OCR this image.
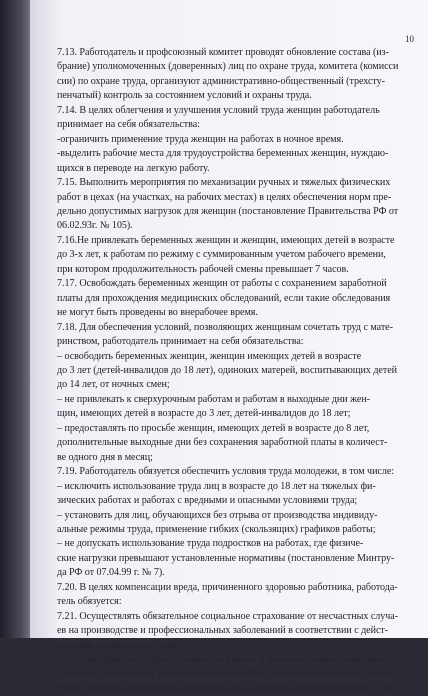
10
7.13. Работодатель и профсоюзный комитет проводят обновление состава (из-
брание) уполномоченных (доверенных) лиц по охране труда, комитета (комисси
сии) по охране труда, организуют административно-общественный (трехсту-
пенчатый) контроль за состоянием условий и охраны труда.
7.14. В целях облегчения и улучшения условий труда женщин работодатель
принимает на себя обязательства:
-ограничить применение труда женщин на работах в ночное время.
-выделить рабочие места для трудоустройства беременных женщин, нуждаю-
щихся в переводе на легкую работу.
7.15. Выполнить мероприятия по механизации ручных и тяжелых физических
работ в цехах (на участках, на рабочих местах) в целях обеспечения норм пре-
дельно допустимых нагрузок для женщин (постановление Правительства РФ от
06.02.93г. № 105).
7.16.Не привлекать беременных женщин и женщин, имеющих детей в возрасте
до 3-х лет, к работам по режиму с суммированным учетом рабочего времени,
при котором продолжительность рабочей смены превышает 7 часов.
7.17. Освобождать беременных женщин от работы с сохранением заработной
платы для прохождения медицинских обследований, если такие обследования
не могут быть проведены во внерабочее время.
7.18. Для обеспечения условий, позволяющих женщинам сочетать труд с мате-
ринством, работодатель принимает на себя обязательства:
– освободить беременных женщин, женщин имеющих детей в возрасте
до 3 лет (детей-инвалидов до 18 лет), одиноких матерей, воспитывающих детей
до 14 лет, от ночных смен;
– не привлекать к сверхурочным работам и работам в выходные дни жен-
щин, имеющих детей в возрасте до 3 лет, детей-инвалидов до 18 лет;
– предоставлять по просьбе женщин, имеющих детей в возрасте до 8 лет,
дополнительные выходные дни без сохранения заработной платы в количест-
ве одного дня в месяц;
7.19. Работодатель обязуется обеспечить условия труда молодежи, в том числе:
– исключить использование труда лиц в возрасте до 18 лет на тяжелых фи-
зических работах и работах с вредными и опасными условиями труда;
– установить для лиц, обучающихся без отрыва от производства индивиду-
альные режимы труда, применение гибких (скользящих) графиков работы;
– не допускать использование труда подростков на работах, где физиче-
ские нагрузки превышают установленные нормативы (постановление Минтру-
да РФ от 07.04.99 г. № 7).
7.20. В целях компенсации вреда, причиненного здоровью работника, работода-
тель обязуется:
7.21. Осуществлять обязательное социальное страхование от несчастных случа-
ев на производстве и профессиональных заболеваний в соответствии с дейст-
вующим законодательством.
7.22. Работодатель создает условия для работы и дополнительные социальные
гарантии деятельности уполномоченного профессионального союза по охране
труда, включая обеспечение нормативными и справочными материалами по ох-
